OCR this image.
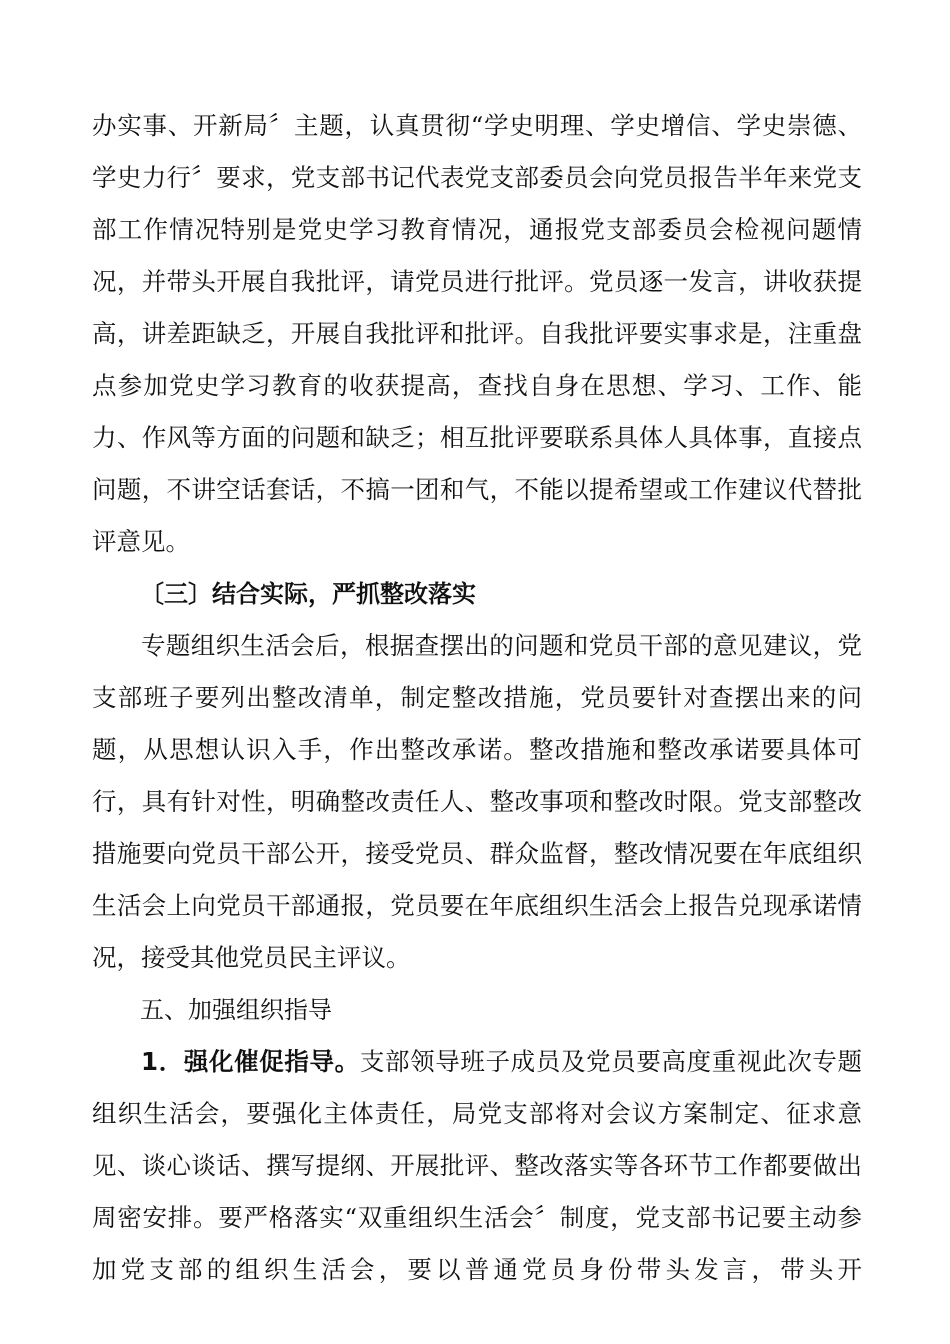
办实事、开新局〞主题，认真贯彻“学史明理、学史增信、学史崇德、学史力行〞要求，党支部书记代表党支部委员会向党员报告半年来党支部工作情况特别是党史学习教育情况，通报党支部委员会检视问题情况，并带头开展自我批评，请党员进行批评。党员逐一发言，讲收获提高，讲差距缺乏，开展自我批评和批评。自我批评要实事求是，注重盘点参加党史学习教育的收获提高，查找自身在思想、学习、工作、能力、作风等方面的问题和缺乏；相互批评要联系具体人具体事，直接点问题，不讲空话套话，不搞一团和气，不能以提希望或工作建议代替批评意见。

〔三〕结合实际，严抓整改落实

专题组织生活会后，根据查摆出的问题和党员干部的意见建议，党支部班子要列出整改清单，制定整改措施，党员要针对查摆出来的问题，从思想认识入手，作出整改承诺。整改措施和整改承诺要具体可行，具有针对性，明确整改责任人、整改事项和整改时限。党支部整改措施要向党员干部公开，接受党员、群众监督，整改情况要在年底组织生活会上向党员干部通报，党员要在年底组织生活会上报告兑现承诺情况，接受其他党员民主评议。

五、加强组织指导

1．强化催促指导。支部领导班子成员及党员要高度重视此次专题组织生活会，要强化主体责任，局党支部将对会议方案制定、征求意见、谈心谈话、撰写提纲、开展批评、整改落实等各环节工作都要做出周密安排。要严格落实“双重组织生活会〞制度，党支部书记要主动参加党支部的组织生活会，要以普通党员身份带头发言，带头开
